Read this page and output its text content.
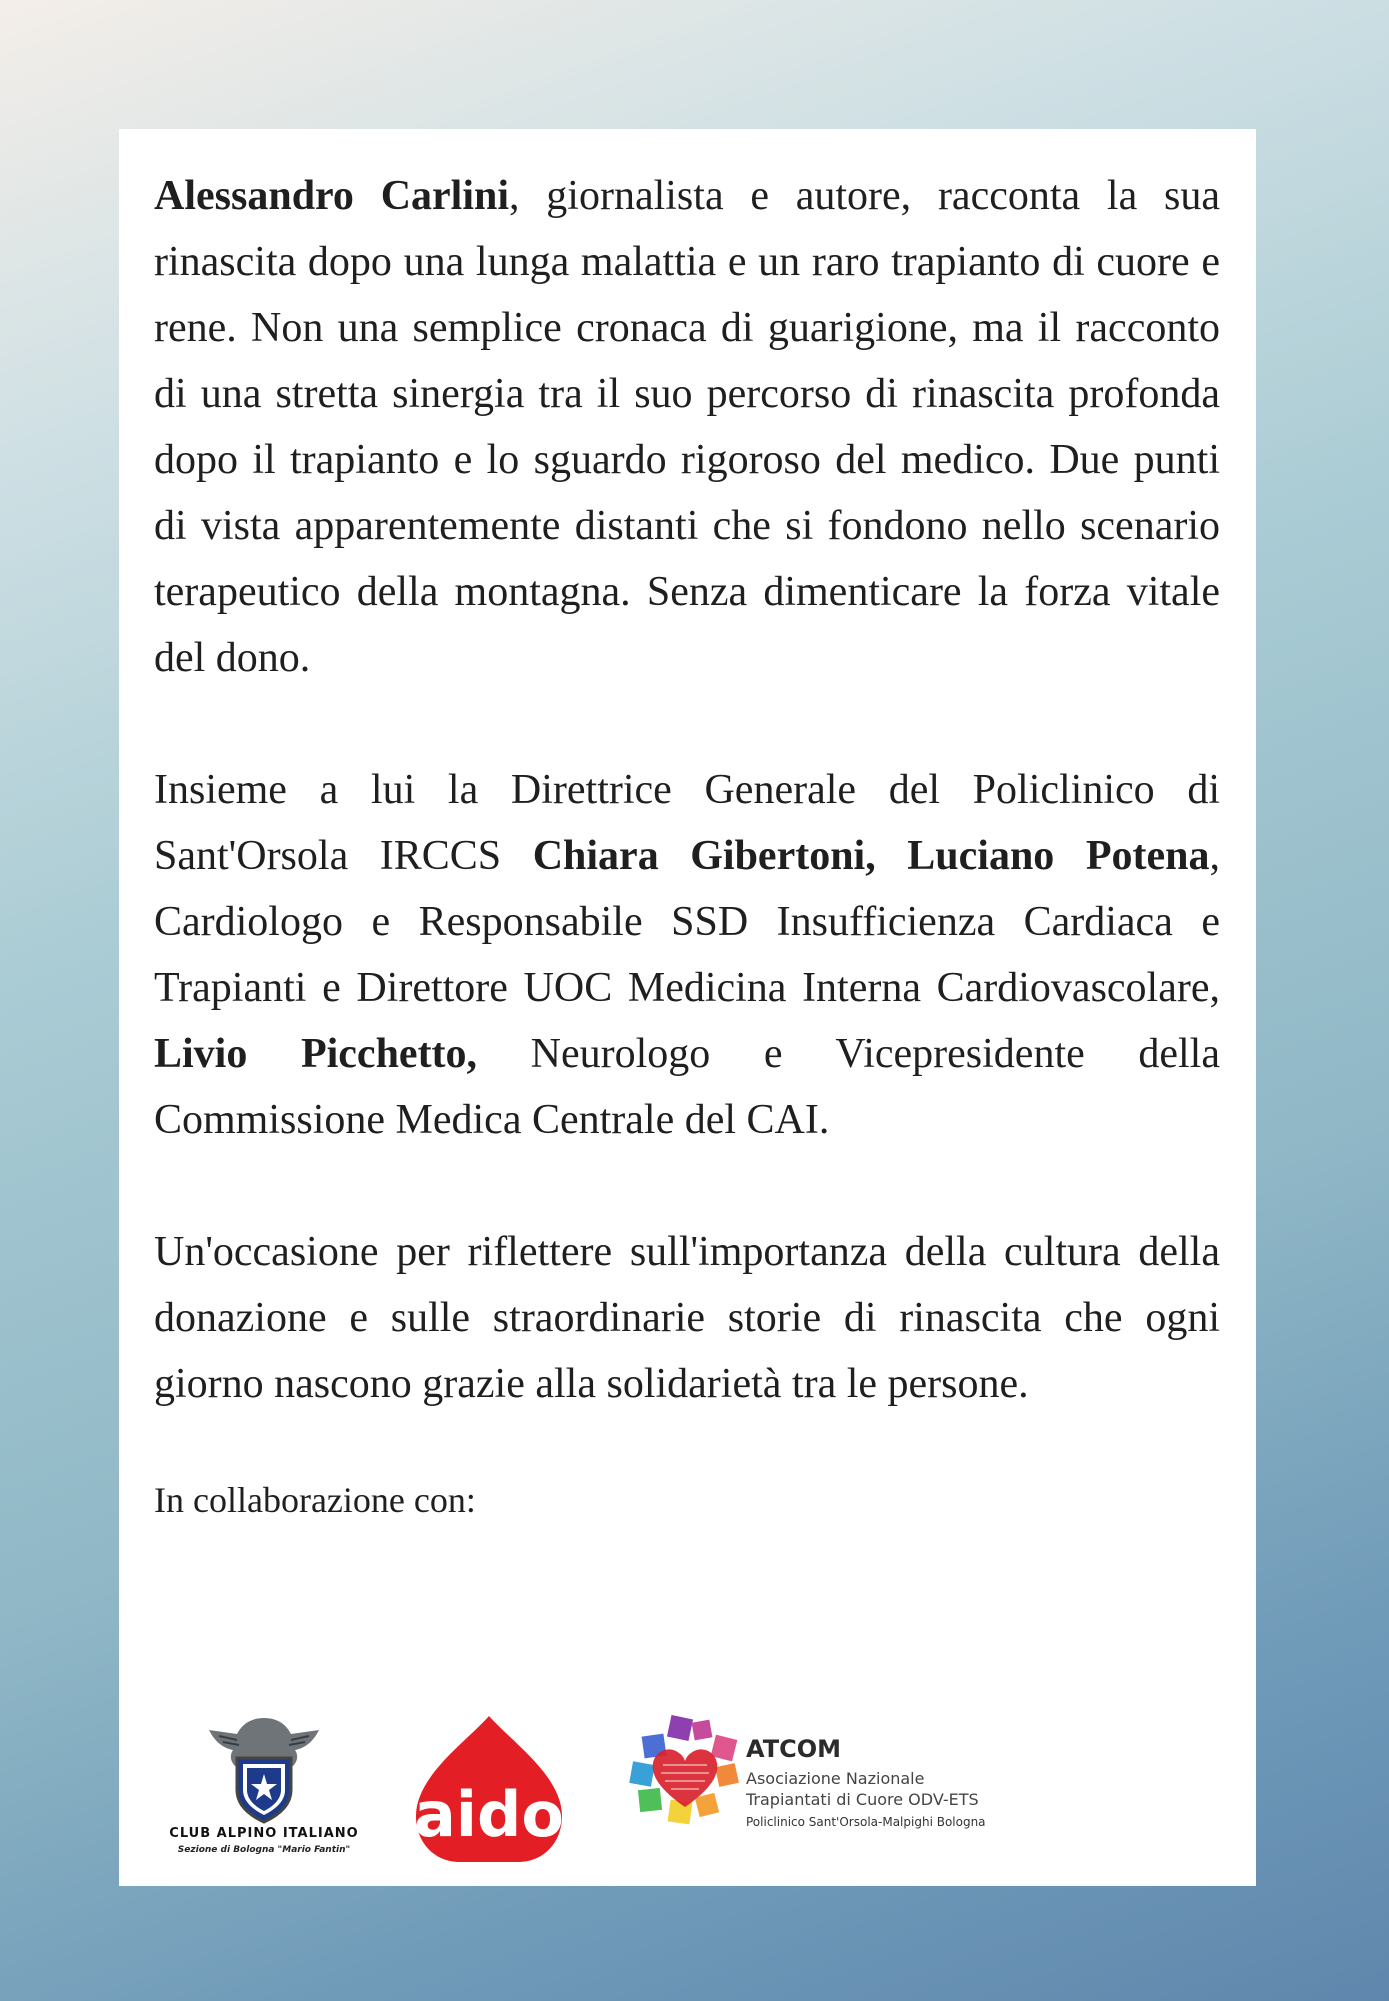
Alessandro Carlini, giornalista e autore, racconta la sua rinascita dopo una lunga malattia e un raro trapianto di cuore e rene. Non una semplice cronaca di guarigione, ma il racconto di una stretta sinergia tra il suo percorso di rinascita profonda dopo il trapianto e lo sguardo rigoroso del medico. Due punti di vista apparentemente distanti che si fondono nello scenario terapeutico della montagna. Senza dimenticare la forza vitale del dono.

Insieme a lui la Direttrice Generale del Policlinico di Sant'Orsola IRCCS Chiara Gibertoni, Luciano Potena, Cardiologo e Responsabile SSD Insufficienza Cardiaca e Trapianti e Direttore UOC Medicina Interna Cardiovascolare, Livio Picchetto, Neurologo e Vicepresidente della Commissione Medica Centrale del CAI.

Un'occasione per riflettere sull'importanza della cultura della donazione e sulle straordinarie storie di rinascita che ogni giorno nascono grazie alla solidarietà tra le persone.

In collaborazione con:
CLUB ALPINO ITALIANO
Sezione di Bologna "Mario Fantin"	aido
ATCOM
Asociazione Nazionale
Trapiantati di Cuore ODV-ETS
Policlinico Sant'Orsola-Malpighi Bologna
